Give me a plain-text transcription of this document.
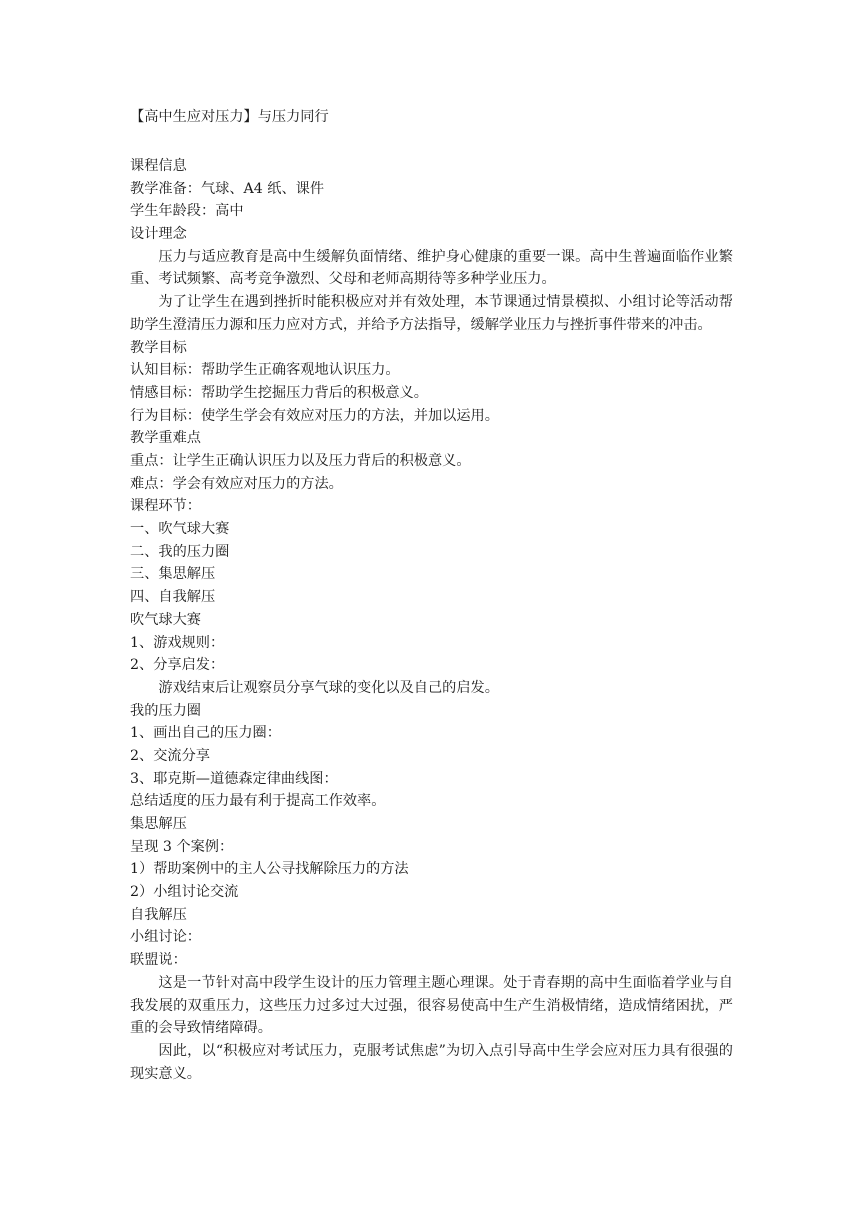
【高中生应对压力】与压力同行
课程信息
教学准备：气球、A4 纸、课件
学生年龄段：高中
设计理念
压力与适应教育是高中生缓解负面情绪、维护身心健康的重要一课。高中生普遍面临作业繁重、考试频繁、高考竞争激烈、父母和老师高期待等多种学业压力。
为了让学生在遇到挫折时能积极应对并有效处理，本节课通过情景模拟、小组讨论等活动帮助学生澄清压力源和压力应对方式，并给予方法指导，缓解学业压力与挫折事件带来的冲击。
教学目标
认知目标：帮助学生正确客观地认识压力。
情感目标：帮助学生挖掘压力背后的积极意义。
行为目标：使学生学会有效应对压力的方法，并加以运用。
教学重难点
重点：让学生正确认识压力以及压力背后的积极意义。
难点：学会有效应对压力的方法。
课程环节：
一、吹气球大赛
二、我的压力圈
三、集思解压
四、自我解压
吹气球大赛
1、游戏规则：
2、分享启发：
游戏结束后让观察员分享气球的变化以及自己的启发。
我的压力圈
1、画出自己的压力圈：
2、交流分享
3、耶克斯—道德森定律曲线图：
总结适度的压力最有利于提高工作效率。
集思解压
呈现 3 个案例：
1）帮助案例中的主人公寻找解除压力的方法
2）小组讨论交流
自我解压
小组讨论：
联盟说：
这是一节针对高中段学生设计的压力管理主题心理课。处于青春期的高中生面临着学业与自我发展的双重压力，这些压力过多过大过强，很容易使高中生产生消极情绪，造成情绪困扰，严重的会导致情绪障碍。
因此，以“积极应对考试压力，克服考试焦虑”为切入点引导高中生学会应对压力具有很强的现实意义。
